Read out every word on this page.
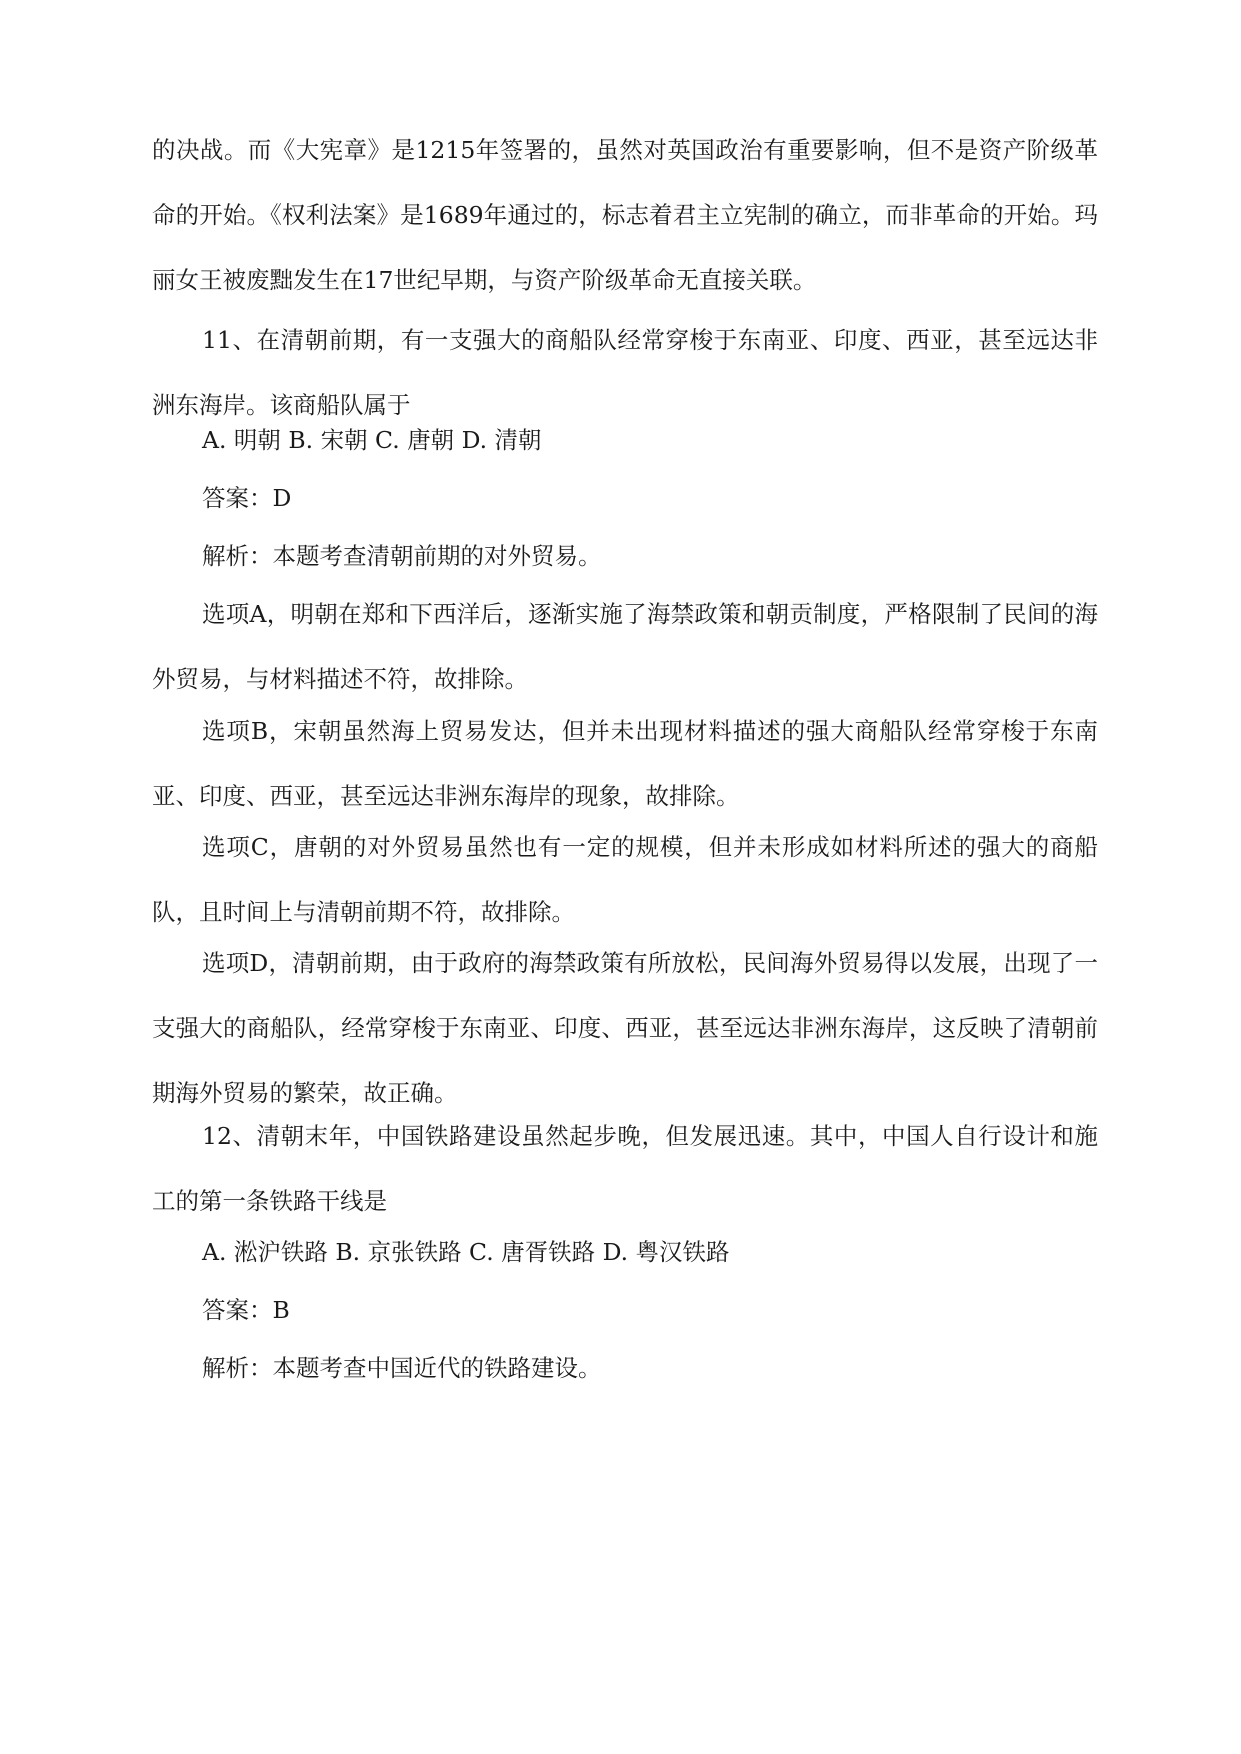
的决战。而《大宪章》是1215年签署的，虽然对英国政治有重要影响，但不是资产阶级革命的开始。《权利法案》是1689年通过的，标志着君主立宪制的确立，而非革命的开始。玛丽女王被废黜发生在17世纪早期，与资产阶级革命无直接关联。

11、在清朝前期，有一支强大的商船队经常穿梭于东南亚、印度、西亚，甚至远达非洲东海岸。该商船队属于

A. 明朝 B. 宋朝 C. 唐朝 D. 清朝

答案：D

解析：本题考查清朝前期的对外贸易。

选项A，明朝在郑和下西洋后，逐渐实施了海禁政策和朝贡制度，严格限制了民间的海外贸易，与材料描述不符，故排除。

选项B，宋朝虽然海上贸易发达，但并未出现材料描述的强大商船队经常穿梭于东南亚、印度、西亚，甚至远达非洲东海岸的现象，故排除。

选项C，唐朝的对外贸易虽然也有一定的规模，但并未形成如材料所述的强大的商船队，且时间上与清朝前期不符，故排除。

选项D，清朝前期，由于政府的海禁政策有所放松，民间海外贸易得以发展，出现了一支强大的商船队，经常穿梭于东南亚、印度、西亚，甚至远达非洲东海岸，这反映了清朝前期海外贸易的繁荣，故正确。

12、清朝末年，中国铁路建设虽然起步晚，但发展迅速。其中，中国人自行设计和施工的第一条铁路干线是

A. 淞沪铁路 B. 京张铁路 C. 唐胥铁路 D. 粤汉铁路

答案：B

解析：本题考查中国近代的铁路建设。
